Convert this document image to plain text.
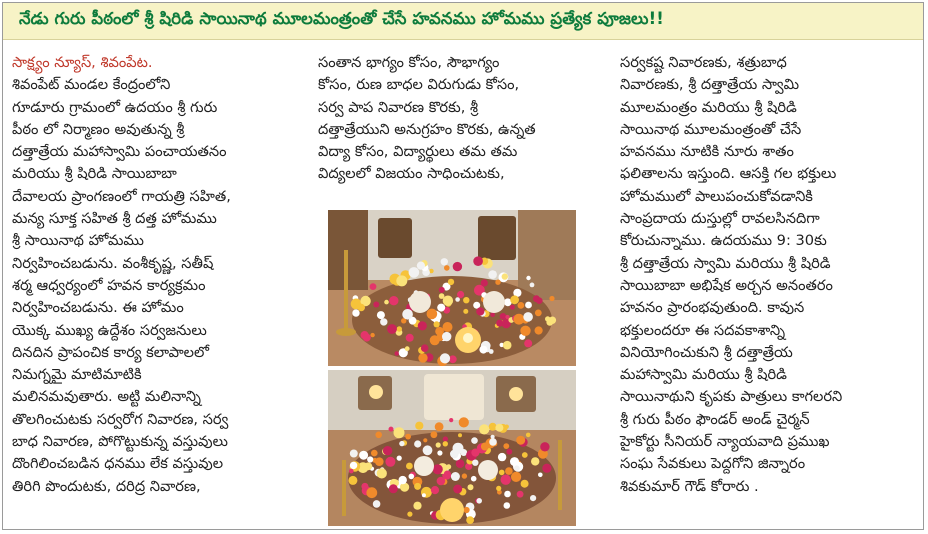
నేడు గురు పీఠంలో శ్రీ షిరిడి సాయినాథ మూలమంత్రంతో చేసే హవనము హోమము ప్రత్యేక పూజలు!!
సాక్ష్యం న్యూస్, శివంపేట.
శివంపేట్ మండల కేంద్రంలోని
గూడూరు గ్రామంలో ఉదయం శ్రీ గురు
పీఠం లో నిర్మాణం అవుతున్న శ్రీ
దత్తాత్రేయ మహాస్వామి పంచాయతనం
మరియు శ్రీ షిరిడి సాయిబాబా
దేవాలయ ప్రాంగణంలో గాయత్రి సహిత,
మన్య సూక్త సహిత శ్రీ దత్త హోమము
శ్రీ సాయినాథ హోమము
నిర్వహించబడును. వంశీకృష్ణ, సతీష్
శర్మ ఆధ్వర్యంలో హవన కార్యక్రమం
నిర్వహించబడును. ఈ హోమం
యొక్క ముఖ్య ఉద్దేశం సర్వజనులు
దినదిన ప్రాపంచిక కార్య కలాపాలలో
నిమగ్నమై మాటిమాటికి
మలినమవుతారు. అట్టి మలినాన్ని
తొలగించుటకు సర్వరోగ నివారణ, సర్వ
బాధ నివారణ, పోగొట్టుకున్న వస్తువులు
దొంగిలించబడిన ధనము లేక వస్తువుల
తిరిగి పొందుటకు, దరిద్ర నివారణ,
సంతాన భాగ్యం కోసం, సౌభాగ్యం
కోసం, రుణ బాధల విరుగుడు కోసం,
సర్వ పాప నివారణ కొరకు, శ్రీ
దత్తాత్రేయుని అనుగ్రహం కొరకు, ఉన్నత
విద్యా కోసం, విద్యార్థులు తమ తమ
విద్యలలో విజయం సాధించుటకు,
సర్వకష్ట నివారణకు, శత్రుబాధ
నివారణకు, శ్రీ దత్తాత్రేయ స్వామి
మూలమంత్రం మరియు శ్రీ షిరిడి
సాయినాథ మూలమంత్రంతో చేసే
హవనము నూటికి నూరు శాతం
ఫలితాలను ఇస్తుంది. ఆసక్తి గల భక్తులు
హోమములో పాలుపంచుకోవడానికి
సాంప్రదాయ దుస్తుల్లో రావలసినదిగా
కోరుచున్నాము. ఉదయము 9: 30కు
శ్రీ దత్తాత్రేయ స్వామి మరియు శ్రీ షిరిడి
సాయిబాబా అభిషేక అర్చన అనంతరం
హవనం ప్రారంభవుతుంది. కావున
భక్తులందరూ ఈ సదవకాశాన్ని
వినియోగించుకుని శ్రీ దత్తాత్రేయ
మహాస్వామి మరియు శ్రీ షిరిడి
సాయినాథుని కృపకు పాత్రులు కాగలరని
శ్రీ గురు పీఠం ఫౌండర్ అండ్ చైర్మన్
హైకోర్టు సీనియర్ న్యాయవాది ప్రముఖ
సంఘ సేవకులు పెద్దగోని జిన్నారం
శివకుమార్ గౌడ్ కోరారు .
